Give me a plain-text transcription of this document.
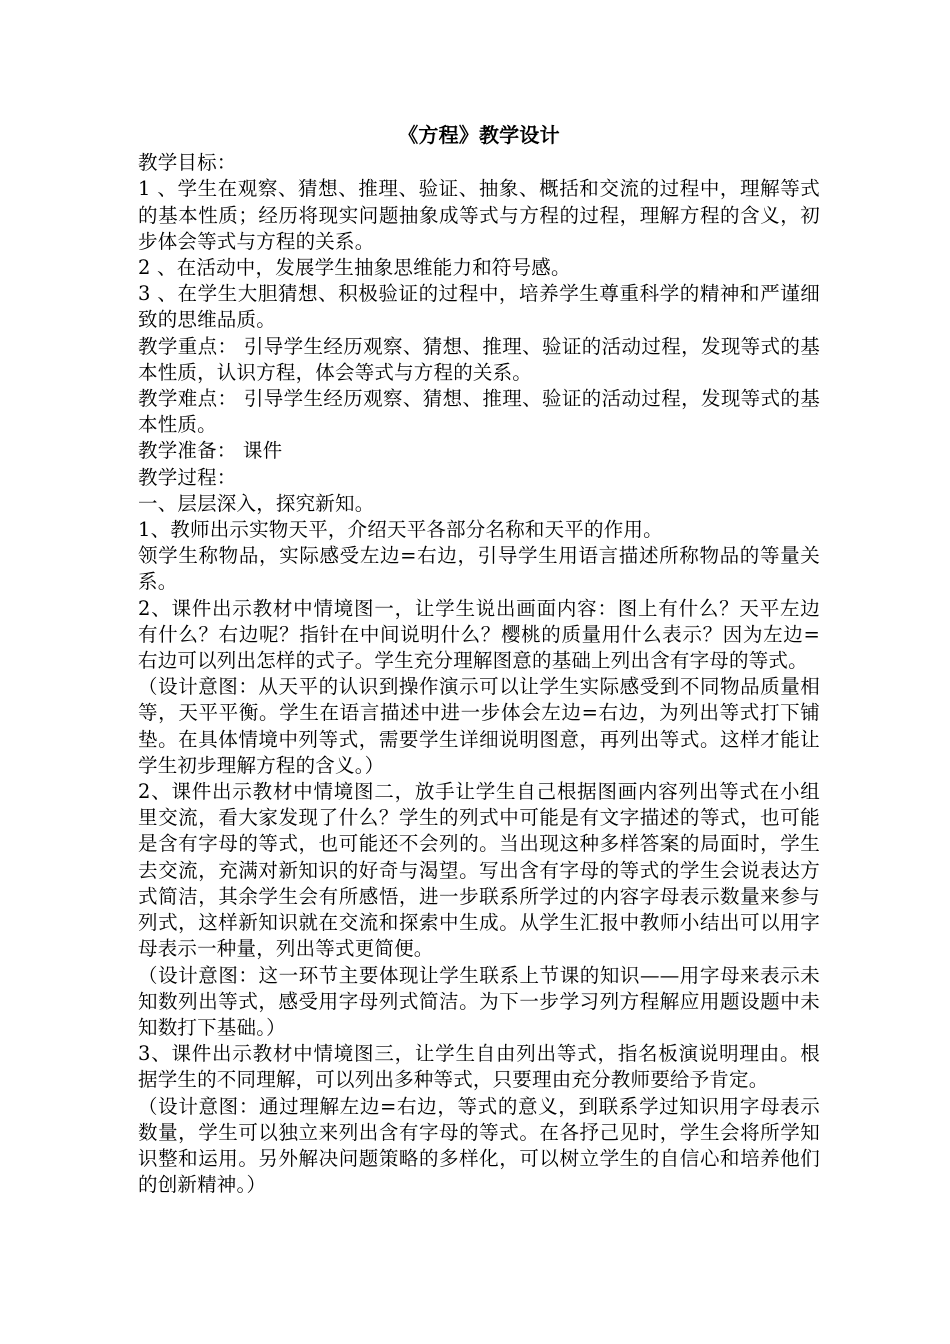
《方程》教学设计

教学目标：

1 、学生在观察、猜想、推理、验证、抽象、概括和交流的过程中，理解等式的基本性质；经历将现实问题抽象成等式与方程的过程，理解方程的含义，初步体会等式与方程的关系。

2 、在活动中，发展学生抽象思维能力和符号感。

3 、在学生大胆猜想、积极验证的过程中，培养学生尊重科学的精神和严谨细致的思维品质。

教学重点： 引导学生经历观察、猜想、推理、验证的活动过程，发现等式的基本性质，认识方程，体会等式与方程的关系。

教学难点： 引导学生经历观察、猜想、推理、验证的活动过程，发现等式的基本性质。

教学准备： 课件

教学过程：

一、层层深入，探究新知。

1、教师出示实物天平，介绍天平各部分名称和天平的作用。

领学生称物品，实际感受左边=右边，引导学生用语言描述所称物品的等量关系。

2、课件出示教材中情境图一，让学生说出画面内容：图上有什么？天平左边有什么？右边呢？指针在中间说明什么？樱桃的质量用什么表示？因为左边=右边可以列出怎样的式子。学生充分理解图意的基础上列出含有字母的等式。

（设计意图：从天平的认识到操作演示可以让学生实际感受到不同物品质量相等，天平平衡。学生在语言描述中进一步体会左边=右边，为列出等式打下铺垫。在具体情境中列等式，需要学生详细说明图意，再列出等式。这样才能让学生初步理解方程的含义。）

2、课件出示教材中情境图二，放手让学生自己根据图画内容列出等式在小组里交流，看大家发现了什么？学生的列式中可能是有文字描述的等式，也可能是含有字母的等式，也可能还不会列的。当出现这种多样答案的局面时，学生去交流，充满对新知识的好奇与渴望。写出含有字母的等式的学生会说表达方式简洁，其余学生会有所感悟，进一步联系所学过的内容字母表示数量来参与列式，这样新知识就在交流和探索中生成。从学生汇报中教师小结出可以用字母表示一种量，列出等式更简便。

（设计意图：这一环节主要体现让学生联系上节课的知识——用字母来表示未知数列出等式，感受用字母列式简洁。为下一步学习列方程解应用题设题中未知数打下基础。）

3、课件出示教材中情境图三，让学生自由列出等式，指名板演说明理由。根据学生的不同理解，可以列出多种等式，只要理由充分教师要给予肯定。

（设计意图：通过理解左边=右边，等式的意义，到联系学过知识用字母表示数量，学生可以独立来列出含有字母的等式。在各抒己见时，学生会将所学知识整和运用。另外解决问题策略的多样化，可以树立学生的自信心和培养他们的创新精神。）
